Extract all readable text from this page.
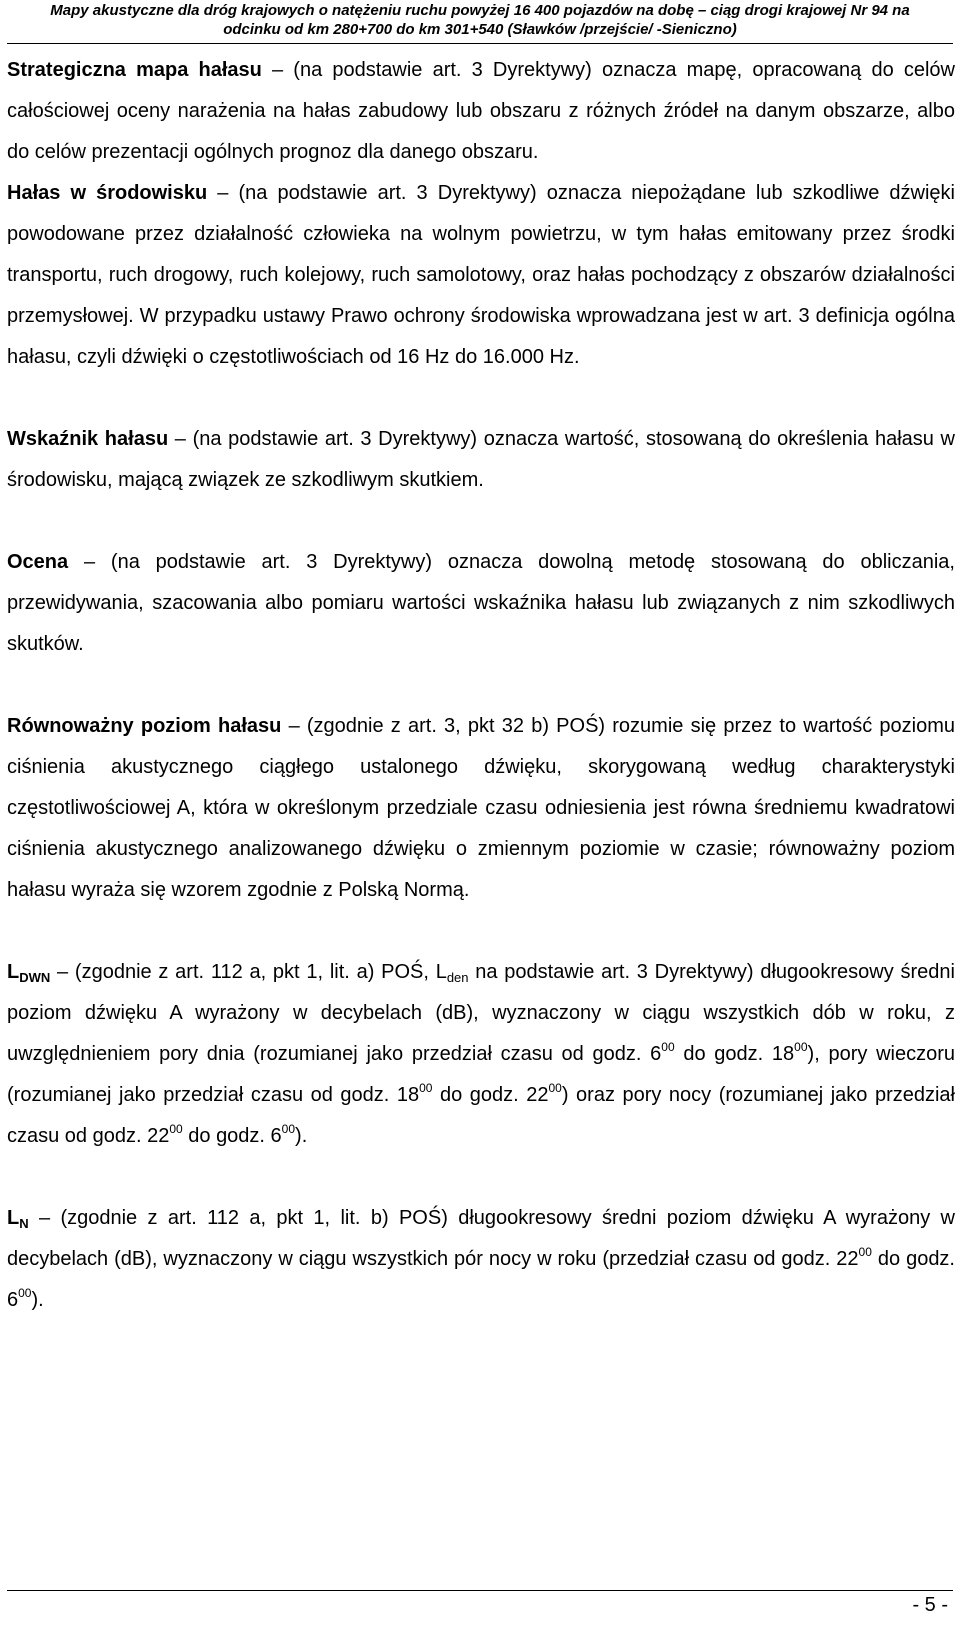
Mapy akustyczne dla dróg krajowych o natężeniu ruchu powyżej 16 400 pojazdów na dobę – ciąg drogi krajowej Nr 94 na
odcinku od km 280+700 do km 301+540 (Sławków /przejście/ -Sieniczno)

Strategiczna mapa hałasu – (na podstawie art. 3 Dyrektywy) oznacza mapę, opracowaną do celów całościowej oceny narażenia na hałas zabudowy lub obszaru z różnych źródeł na danym obszarze, albo do celów prezentacji ogólnych prognoz dla danego obszaru.

Hałas w środowisku – (na podstawie art. 3 Dyrektywy) oznacza niepożądane lub szkodliwe dźwięki powodowane przez działalność człowieka na wolnym powietrzu, w tym hałas emitowany przez środki transportu, ruch drogowy, ruch kolejowy, ruch samolotowy, oraz hałas pochodzący z obszarów działalności przemysłowej. W przypadku ustawy Prawo ochrony środowiska wprowadzana jest w art. 3 definicja ogólna hałasu, czyli dźwięki o częstotliwościach od 16 Hz do 16.000 Hz.

Wskaźnik hałasu – (na podstawie art. 3 Dyrektywy) oznacza wartość, stosowaną do określenia hałasu w środowisku, mającą związek ze szkodliwym skutkiem.

Ocena – (na podstawie art. 3 Dyrektywy) oznacza dowolną metodę stosowaną do obliczania, przewidywania, szacowania albo pomiaru wartości wskaźnika hałasu lub związanych z nim szkodliwych skutków.

Równoważny poziom hałasu – (zgodnie z art. 3, pkt 32 b) POŚ) rozumie się przez to wartość poziomu ciśnienia akustycznego ciągłego ustalonego dźwięku, skorygowaną według charakterystyki częstotliwościowej A, która w określonym przedziale czasu odniesienia jest równa średniemu kwadratowi ciśnienia akustycznego analizowanego dźwięku o zmiennym poziomie w czasie; równoważny poziom hałasu wyraża się wzorem zgodnie z Polską Normą.

$L_{DWN}$ – (zgodnie z art. 112 a, pkt 1, lit. a) POŚ, $L_{den}$ na podstawie art. 3 Dyrektywy) długookresowy średni poziom dźwięku A wyrażony w decybelach (dB), wyznaczony w ciągu wszystkich dób w roku, z uwzględnieniem pory dnia (rozumianej jako przedział czasu od godz. $6^{00}$ do godz. $18^{00}$), pory wieczoru (rozumianej jako przedział czasu od godz. $18^{00}$ do godz. $22^{00}$) oraz pory nocy (rozumianej jako przedział czasu od godz. $22^{00}$ do godz. $6^{00}$).

$L_N$ – (zgodnie z art. 112 a, pkt 1, lit. b) POŚ) długookresowy średni poziom dźwięku A wyrażony w decybelach (dB), wyznaczony w ciągu wszystkich pór nocy w roku (przedział czasu od godz. $22^{00}$ do godz. $6^{00}$).

- 5 -
